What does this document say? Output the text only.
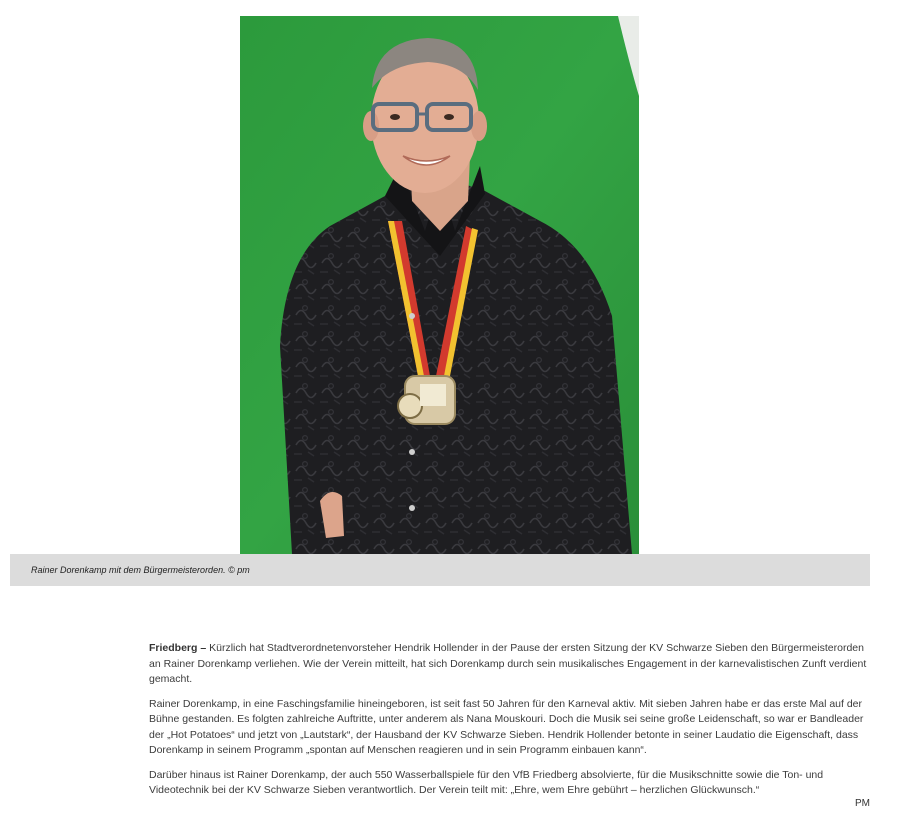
Rainer Dorenkamp mit dem Bürgermeisterorden. © pm

Friedberg – Kürzlich hat Stadtverordnetenvorsteher Hendrik Hollender in der Pause der ersten Sitzung der KV Schwarze Sieben den Bürgermeisterorden an Rainer Dorenkamp verliehen. Wie der Verein mitteilt, hat sich Dorenkamp durch sein musikalisches Engagement in der karnevalistischen Zunft verdient gemacht.

Rainer Dorenkamp, in eine Faschingsfamilie hineingeboren, ist seit fast 50 Jahren für den Karneval aktiv. Mit sieben Jahren habe er das erste Mal auf der Bühne gestanden. Es folgten zahlreiche Auftritte, unter anderem als Nana Mouskouri. Doch die Musik sei seine große Leidenschaft, so war er Bandleader der „Hot Potatoes“ und jetzt von „Lautstark“, der Hausband der KV Schwarze Sieben. Hendrik Hollender betonte in seiner Laudatio die Eigenschaft, dass Dorenkamp in seinem Programm „spontan auf Menschen reagieren und in sein Programm einbauen kann“.

Darüber hinaus ist Rainer Dorenkamp, der auch 550 Wasserballspiele für den VfB Friedberg absolvierte, für die Musikschnitte sowie die Ton- und Videotechnik bei der KV Schwarze Sieben verantwortlich. Der Verein teilt mit: „Ehre, wem Ehre gebührt – herzlichen Glückwunsch.“

PM
